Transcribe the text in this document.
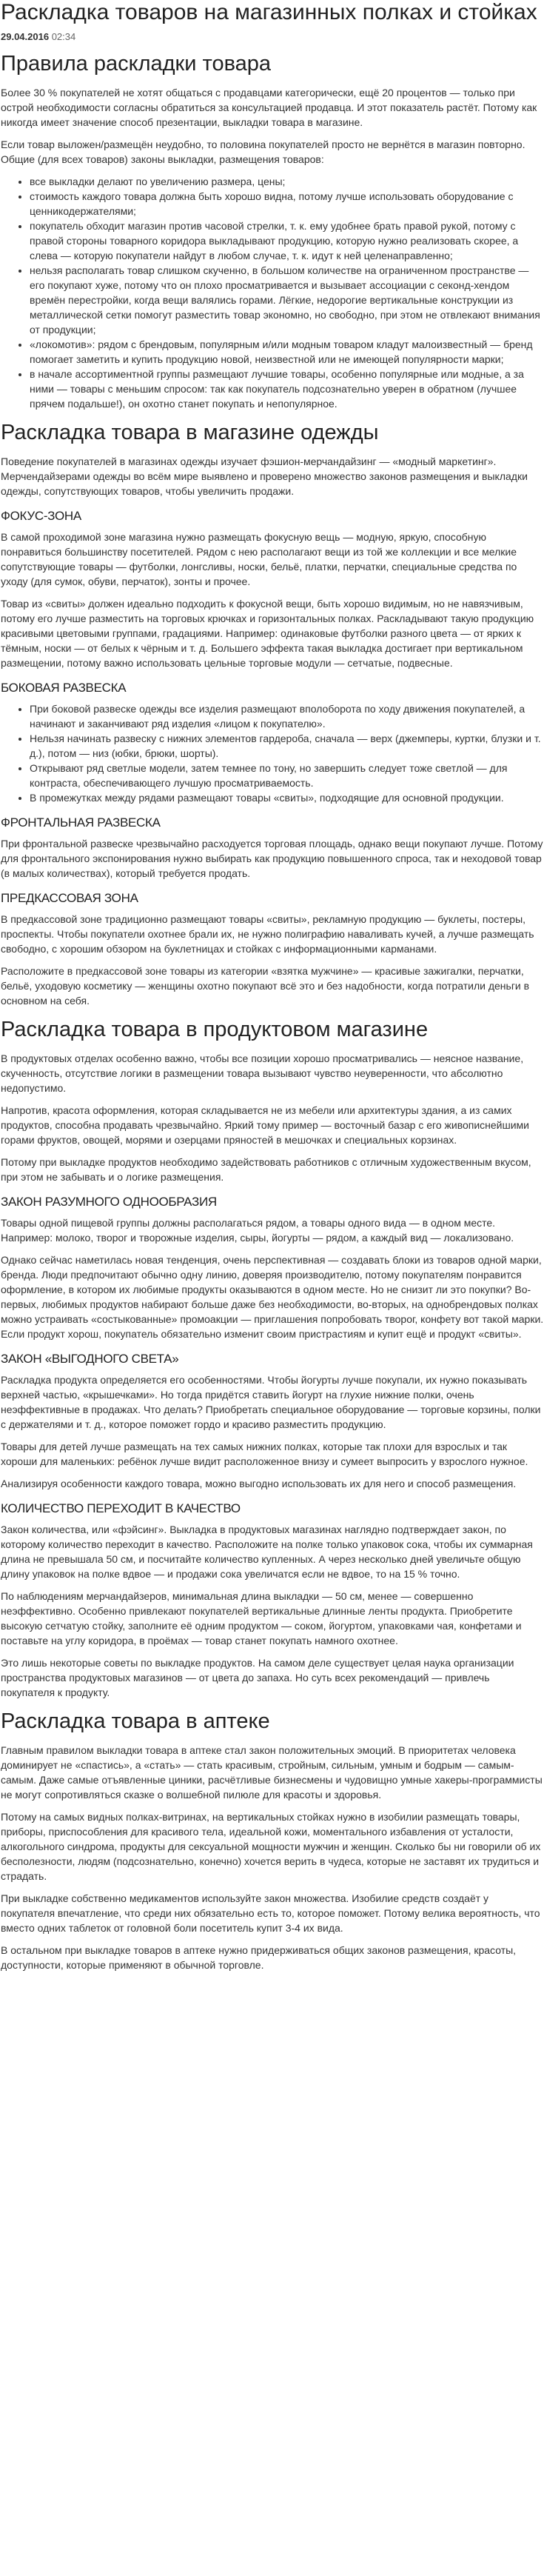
Раскладка товаров на магазинных полках и стойках
29.04.2016 02:34
Правила раскладки товара

Более 30 % покупателей не хотят общаться с продавцами категорически, ещё 20 процентов — только при острой необходимости согласны обратиться за консультацией продавца. И этот показатель растёт. Потому как никогда имеет значение способ презентации, выкладки товара в магазине.

Если товар выложен/размещён неудобно, то половина покупателей просто не вернётся в магазин повторно. Общие (для всех товаров) законы выкладки, размещения товаров:

• все выкладки делают по увеличению размера, цены;
• стоимость каждого товара должна быть хорошо видна, потому лучше использовать оборудование с ценникодержателями;
• покупатель обходит магазин против часовой стрелки, т. к. ему удобнее брать правой рукой, потому с правой стороны товарного коридора выкладывают продукцию, которую нужно реализовать скорее, а слева — которую покупатели найдут в любом случае, т. к. идут к ней целенаправленно;
• нельзя располагать товар слишком скученно, в большом количестве на ограниченном пространстве — его покупают хуже, потому что он плохо просматривается и вызывает ассоциации с секонд-хендом времён перестройки, когда вещи валялись горами. Лёгкие, недорогие вертикальные конструкции из металлической сетки помогут разместить товар экономно, но свободно, при этом не отвлекают внимания от продукции;
• «локомотив»: рядом с брендовым, популярным и/или модным товаром кладут малоизвестный — бренд помогает заметить и купить продукцию новой, неизвестной или не имеющей популярности марки;
• в начале ассортиментной группы размещают лучшие товары, особенно популярные или модные, а за ними — товары с меньшим спросом: так как покупатель подсознательно уверен в обратном (лучшее прячем подальше!), он охотно станет покупать и непопулярное.
Раскладка товара в магазине одежды

Поведение покупателей в магазинах одежды изучает фэшион-мерчандайзинг — «модный маркетинг». Мерчендайзерами одежды во всём мире выявлено и проверено множество законов размещения и выкладки одежды, сопутствующих товаров, чтобы увеличить продажи.

ФОКУС-ЗОНА

В самой проходимой зоне магазина нужно размещать фокусную вещь — модную, яркую, способную понравиться большинству посетителей. Рядом с нею располагают вещи из той же коллекции и все мелкие сопутствующие товары — футболки, лонгсливы, носки, бельё, платки, перчатки, специальные средства по уходу (для сумок, обуви, перчаток), зонты и прочее.

Товар из «свиты» должен идеально подходить к фокусной вещи, быть хорошо видимым, но не навязчивым, потому его лучше разместить на торговых крючках и горизонтальных полках. Раскладывают такую продукцию красивыми цветовыми группами, градациями. Например: одинаковые футболки разного цвета — от ярких к тёмным, носки — от белых к чёрным и т. д. Большего эффекта такая выкладка достигает при вертикальном размещении, потому важно использовать цельные торговые модули — сетчатые, подвесные.

БОКОВАЯ РАЗВЕСКА
• При боковой развеске одежды все изделия размещают вполоборота по ходу движения покупателей, а начинают и заканчивают ряд изделия «лицом к покупателю».
• Нельзя начинать развеску с нижних элементов гардероба, сначала — верх (джемперы, куртки, блузки и т. д.), потом — низ (юбки, брюки, шорты).
• Открывают ряд светлые модели, затем темнее по тону, но завершить следует тоже светлой — для контраста, обеспечивающего лучшую просматриваемость.
• В промежутках между рядами размещают товары «свиты», подходящие для основной продукции.
ФРОНТАЛЬНАЯ РАЗВЕСКА

При фронтальной развеске чрезвычайно расходуется торговая площадь, однако вещи покупают лучше. Потому для фронтального экспонирования нужно выбирать как продукцию повышенного спроса, так и неходовой товар (в малых количествах), который требуется продать.

ПРЕДКАССОВАЯ ЗОНА

В предкассовой зоне традиционно размещают товары «свиты», рекламную продукцию — буклеты, постеры, проспекты. Чтобы покупатели охотнее брали их, не нужно полиграфию наваливать кучей, а лучше размещать свободно, с хорошим обзором на буклетницах и стойках с информационными карманами.

Расположите в предкассовой зоне товары из категории «взятка мужчине» — красивые зажигалки, перчатки, бельё, уходовую косметику — женщины охотно покупают всё это и без надобности, когда потратили деньги в основном на себя.

Раскладка товара в продуктовом магазине

В продуктовых отделах особенно важно, чтобы все позиции хорошо просматривались — неясное название, скученность, отсутствие логики в размещении товара вызывают чувство неуверенности, что абсолютно недопустимо.

Напротив, красота оформления, которая складывается не из мебели или архитектуры здания, а из самих продуктов, способна продавать чрезвычайно. Яркий тому пример — восточный базар с его живописнейшими горами фруктов, овощей, морями и озерцами пряностей в мешочках и специальных корзинах.

Потому при выкладке продуктов необходимо задействовать работников с отличным художественным вкусом, при этом не забывать и о логике размещения.

ЗАКОН РАЗУМНОГО ОДНООБРАЗИЯ

Товары одной пищевой группы должны располагаться рядом, а товары одного вида — в одном месте. Например: молоко, творог и творожные изделия, сыры, йогурты — рядом, а каждый вид — локализовано.

Однако сейчас наметилась новая тенденция, очень перспективная — создавать блоки из товаров одной марки, бренда. Люди предпочитают обычно одну линию, доверяя производителю, потому покупателям понравится оформление, в котором их любимые продукты оказываются в одном месте. Но не снизит ли это покупки? Во-первых, любимых продуктов набирают больше даже без необходимости, во-вторых, на однобрендовых полках можно устраивать «состыкованные» промоакции — приглашения попробовать творог, конфету вот такой марки. Если продукт хорош, покупатель обязательно изменит своим пристрастиям и купит ещё и продукт «свиты».

ЗАКОН «ВЫГОДНОГО СВЕТА»

Раскладка продукта определяется его особенностями. Чтобы йогурты лучше покупали, их нужно показывать верхней частью, «крышечками». Но тогда придётся ставить йогурт на глухие нижние полки, очень неэффективные в продажах. Что делать? Приобретать специальное оборудование — торговые корзины, полки с держателями и т. д., которое поможет гордо и красиво разместить продукцию.

Товары для детей лучше размещать на тех самых нижних полках, которые так плохи для взрослых и так хороши для маленьких: ребёнок лучше видит расположенное внизу и сумеет выпросить у взрослого нужное.

Анализируя особенности каждого товара, можно выгодно использовать их для него и способ размещения.

КОЛИЧЕСТВО ПЕРЕХОДИТ В КАЧЕСТВО

Закон количества, или «фэйсинг». Выкладка в продуктовых магазинах наглядно подтверждает закон, по которому количество переходит в качество. Расположите на полке только упаковок сока, чтобы их суммарная длина не превышала 50 см, и посчитайте количество купленных. А через несколько дней увеличьте общую длину упаковок на полке вдвое — и продажи сока увеличатся если не вдвое, то на 15 % точно.

По наблюдениям мерчандайзеров, минимальная длина выкладки — 50 см, менее — совершенно неэффективно. Особенно привлекают покупателей вертикальные длинные ленты продукта. Приобретите высокую сетчатую стойку, заполните её одним продуктом — соком, йогуртом, упаковками чая, конфетами и поставьте на углу коридора, в проёмах — товар станет покупать намного охотнее.

Это лишь некоторые советы по выкладке продуктов. На самом деле существует целая наука организации пространства продуктовых магазинов — от цвета до запаха. Но суть всех рекомендаций — привлечь покупателя к продукту.

Раскладка товара в аптеке

Главным правилом выкладки товара в аптеке стал закон положительных эмоций. В приоритетах человека доминирует не «спастись», а «стать» — стать красивым, стройным, сильным, умным и бодрым — самым-самым. Даже самые отъявленные циники, расчётливые бизнесмены и чудовищно умные хакеры-программисты не могут сопротивляться сказке о волшебной пилюле для красоты и здоровья.

Потому на самых видных полках-витринах, на вертикальных стойках нужно в изобилии размещать товары, приборы, приспособления для красивого тела, идеальной кожи, моментального избавления от усталости, алкогольного синдрома, продукты для сексуальной мощности мужчин и женщин. Сколько бы ни говорили об их бесполезности, людям (подсознательно, конечно) хочется верить в чудеса, которые не заставят их трудиться и страдать.

При выкладке собственно медикаментов используйте закон множества. Изобилие средств создаёт у покупателя впечатление, что среди них обязательно есть то, которое поможет. Потому велика вероятность, что вместо одних таблеток от головной боли посетитель купит 3-4 их вида.

В остальном при выкладке товаров в аптеке нужно придерживаться общих законов размещения, красоты, доступности, которые применяют в обычной торговле.
